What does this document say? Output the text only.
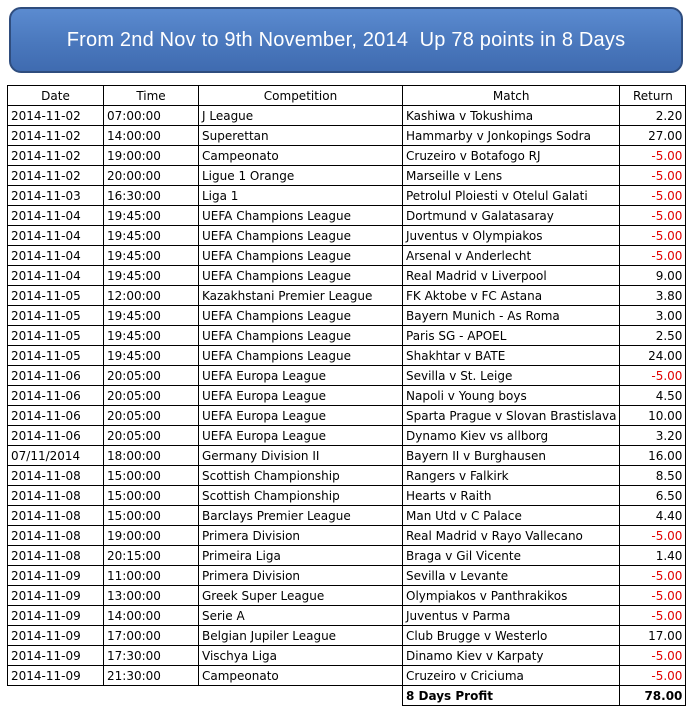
From 2nd Nov to 9th November, 2014  Up 78 points in 8 Days
Date	Time	Competition	Match	Return
2014-11-02	07:00:00	J League	Kashiwa v Tokushima	2.20
2014-11-02	14:00:00	Superettan	Hammarby v Jonkopings Sodra	27.00
2014-11-02	19:00:00	Campeonato	Cruzeiro v Botafogo RJ	-5.00
2014-11-02	20:00:00	Ligue 1 Orange	Marseille v Lens	-5.00
2014-11-03	16:30:00	Liga 1	Petrolul Ploiesti v Otelul Galati	-5.00
2014-11-04	19:45:00	UEFA Champions League	Dortmund v Galatasaray	-5.00
2014-11-04	19:45:00	UEFA Champions League	Juventus v Olympiakos	-5.00
2014-11-04	19:45:00	UEFA Champions League	Arsenal v Anderlecht	-5.00
2014-11-04	19:45:00	UEFA Champions League	Real Madrid v Liverpool	9.00
2014-11-05	12:00:00	Kazakhstani Premier League	FK Aktobe v FC Astana	3.80
2014-11-05	19:45:00	UEFA Champions League	Bayern Munich - As Roma	3.00
2014-11-05	19:45:00	UEFA Champions League	Paris SG - APOEL	2.50
2014-11-05	19:45:00	UEFA Champions League	Shakhtar v BATE	24.00
2014-11-06	20:05:00	UEFA Europa League	Sevilla v St. Leige	-5.00
2014-11-06	20:05:00	UEFA Europa League	Napoli v Young boys	4.50
2014-11-06	20:05:00	UEFA Europa League	Sparta Prague v Slovan Brastislava	10.00
2014-11-06	20:05:00	UEFA Europa League	Dynamo Kiev vs allborg	3.20
07/11/2014	18:00:00	Germany Division II	Bayern II v Burghausen	16.00
2014-11-08	15:00:00	Scottish Championship	Rangers v Falkirk	8.50
2014-11-08	15:00:00	Scottish Championship	Hearts v Raith	6.50
2014-11-08	15:00:00	Barclays Premier League	Man Utd v C Palace	4.40
2014-11-08	19:00:00	Primera Division	Real Madrid v Rayo Vallecano	-5.00
2014-11-08	20:15:00	Primeira Liga	Braga v Gil Vicente	1.40
2014-11-09	11:00:00	Primera Division	Sevilla v Levante	-5.00
2014-11-09	13:00:00	Greek Super League	Olympiakos v Panthrakikos	-5.00
2014-11-09	14:00:00	Serie A	Juventus v Parma	-5.00
2014-11-09	17:00:00	Belgian Jupiler League	Club Brugge v Westerlo	17.00
2014-11-09	17:30:00	Vischya Liga	Dinamo Kiev v Karpaty	-5.00
2014-11-09	21:30:00	Campeonato	Cruzeiro v Criciuma	-5.00
			8 Days Profit	78.00
